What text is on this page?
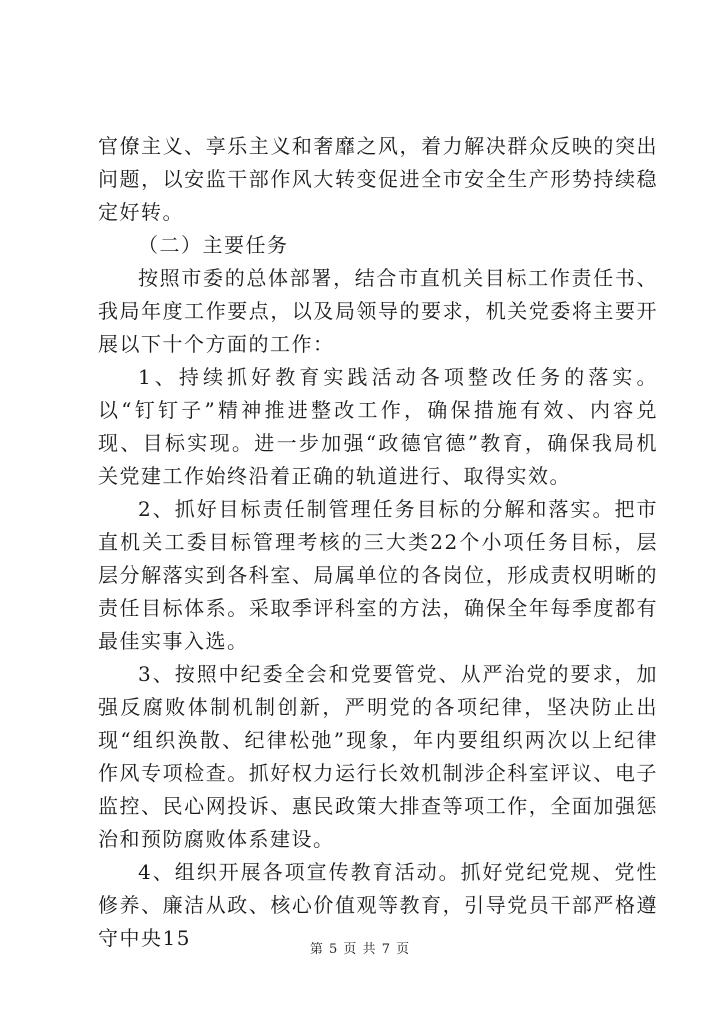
官僚主义、享乐主义和奢靡之风，着力解决群众反映的突出问题，以安监干部作风大转变促进全市安全生产形势持续稳定好转。

（二）主要任务

按照市委的总体部署，结合市直机关目标工作责任书、我局年度工作要点，以及局领导的要求，机关党委将主要开展以下十个方面的工作：

1、持续抓好教育实践活动各项整改任务的落实。以“钉钉子”精神推进整改工作，确保措施有效、内容兑现、目标实现。进一步加强“政德官德”教育，确保我局机关党建工作始终沿着正确的轨道进行、取得实效。

2、抓好目标责任制管理任务目标的分解和落实。把市直机关工委目标管理考核的三大类22个小项任务目标，层层分解落实到各科室、局属单位的各岗位，形成责权明晰的责任目标体系。采取季评科室的方法，确保全年每季度都有最佳实事入选。

3、按照中纪委全会和党要管党、从严治党的要求，加强反腐败体制机制创新，严明党的各项纪律，坚决防止出现“组织涣散、纪律松弛”现象，年内要组织两次以上纪律作风专项检查。抓好权力运行长效机制涉企科室评议、电子监控、民心网投诉、惠民政策大排查等项工作，全面加强惩治和预防腐败体系建设。

4、组织开展各项宣传教育活动。抓好党纪党规、党性修养、廉洁从政、核心价值观等教育，引导党员干部严格遵守中央15	第 5 页 共 7 页
